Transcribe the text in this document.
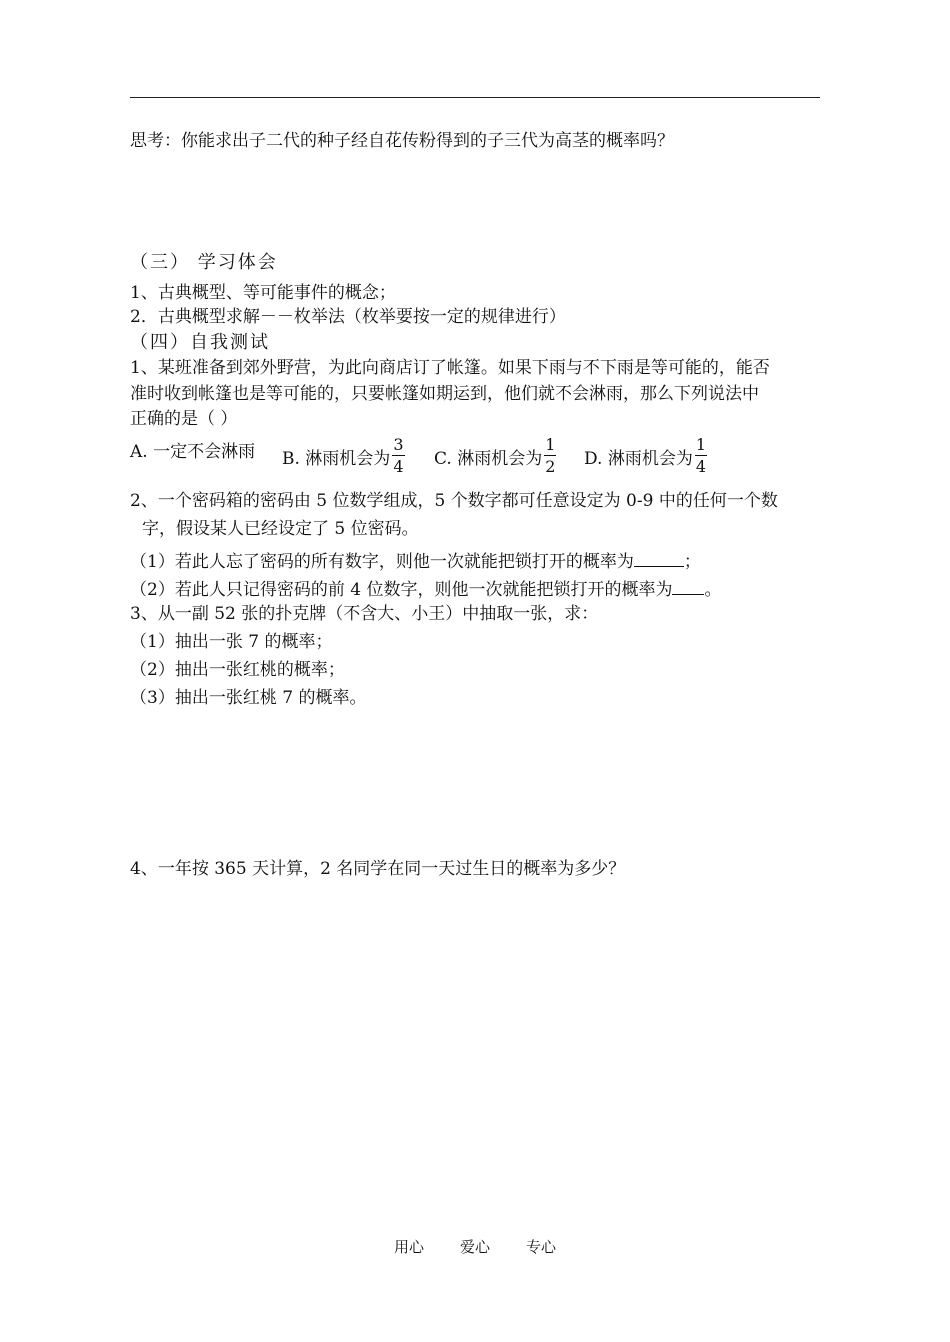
思考：你能求出子二代的种子经自花传粉得到的子三代为高茎的概率吗？
（三） 学习体会
1、古典概型、等可能事件的概念；
2．古典概型求解－－枚举法（枚举要按一定的规律进行）
（四）自我测试
1、某班准备到郊外野营，为此向商店订了帐篷。如果下雨与不下雨是等可能的，能否
准时收到帐篷也是等可能的，只要帐篷如期运到，他们就不会淋雨，那么下列说法中
正确的是（ ）
A. 一定不会淋雨 B. 淋雨机会为 $\frac{3}{4} C$. 淋雨机会为 $\frac{1}{2} D$. 淋雨机会为 $\frac{1}{4}$
2、一个密码箱的密码由 5 位数学组成，5 个数字都可任意设定为 0-9 中的任何一个数
字，假设某人已经设定了 5 位密码。
（1）若此人忘了密码的所有数字，则他一次就能把锁打开的概率为	；
（2）若此人只记得密码的前 4 位数字，则他一次就能把锁打开的概率为 。
3、从一副 52 张的扑克牌（不含大、小王）中抽取一张，求：
（1）抽出一张 7 的概率；
（2）抽出一张红桃的概率；
（3）抽出一张红桃 7 的概率。
4、一年按 365 天计算，2 名同学在同一天过生日的概率为多少？
用心 爱心 专心
